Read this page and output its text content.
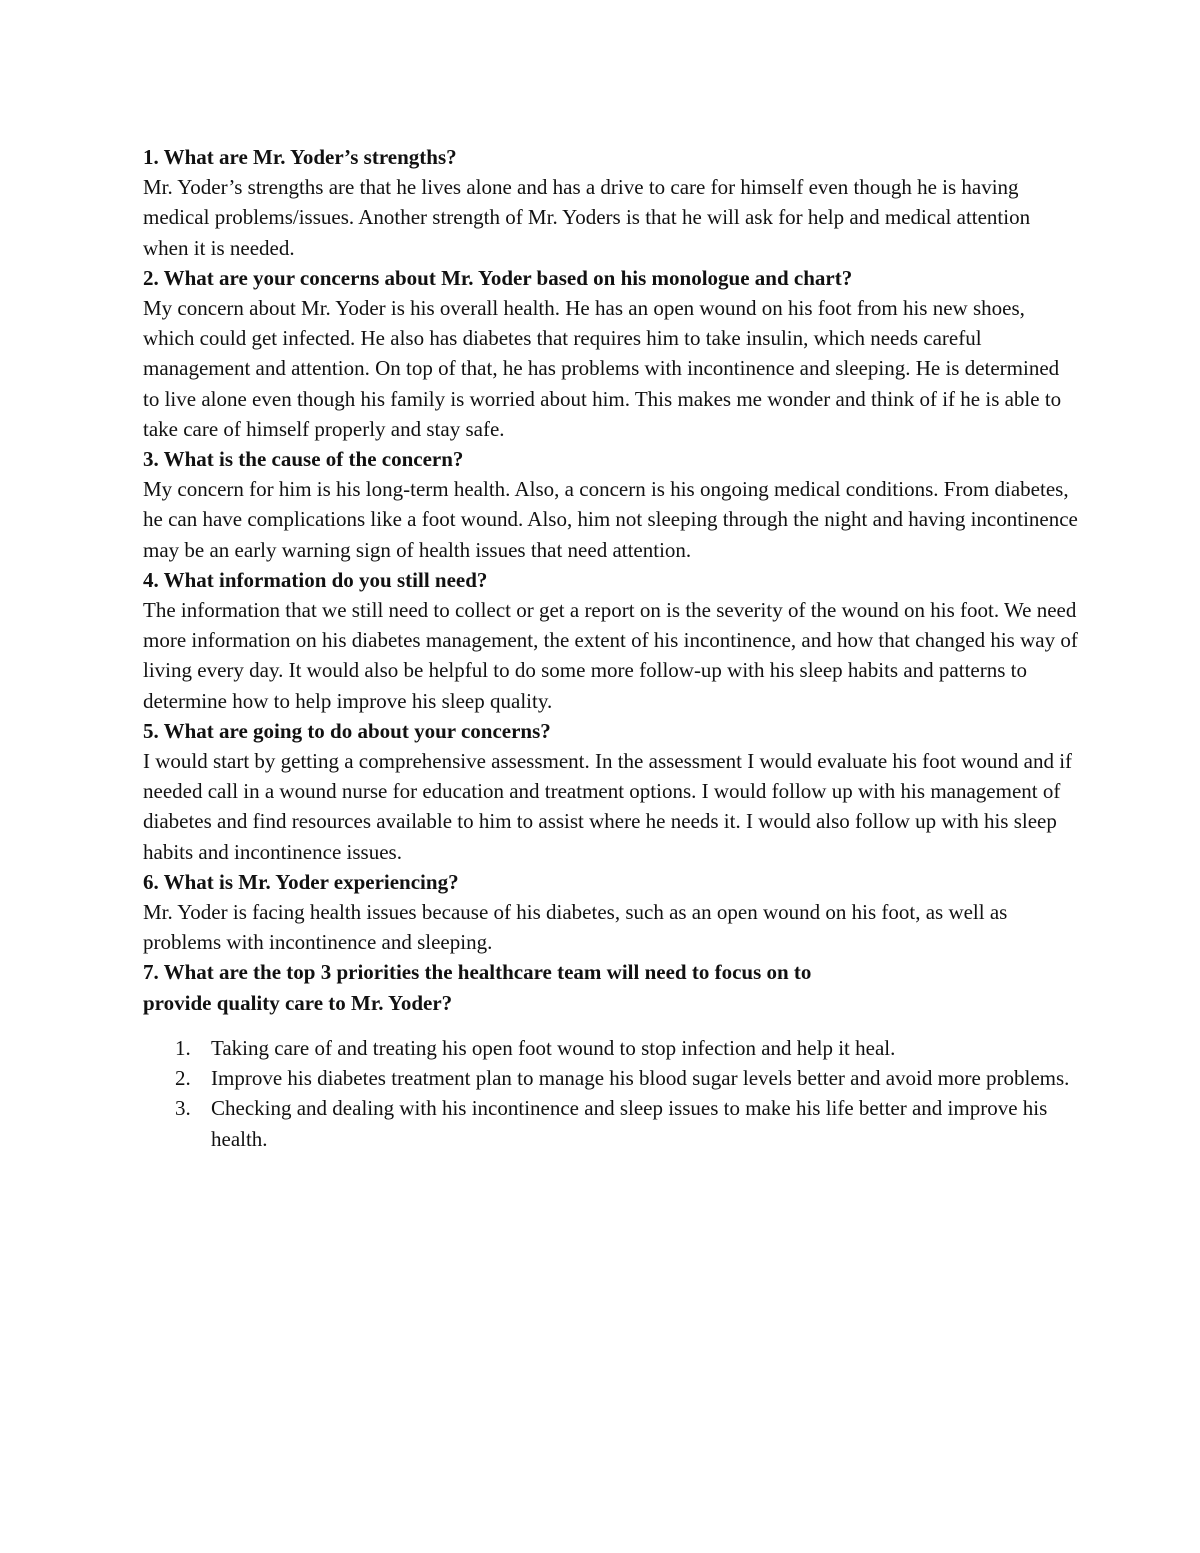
1. What are Mr. Yoder’s strengths?

Mr. Yoder’s strengths are that he lives alone and has a drive to care for himself even though he is having medical problems/issues. Another strength of Mr. Yoders is that he will ask for help and medical attention when it is needed.

2. What are your concerns about Mr. Yoder based on his monologue and chart?

My concern about Mr. Yoder is his overall health. He has an open wound on his foot from his new shoes, which could get infected. He also has diabetes that requires him to take insulin, which needs careful management and attention. On top of that, he has problems with incontinence and sleeping. He is determined to live alone even though his family is worried about him. This makes me wonder and think of if he is able to take care of himself properly and stay safe.

3. What is the cause of the concern?

My concern for him is his long-term health. Also, a concern is his ongoing medical conditions. From diabetes, he can have complications like a foot wound. Also, him not sleeping through the night and having incontinence may be an early warning sign of health issues that need attention.

4. What information do you still need?

The information that we still need to collect or get a report on is the severity of the wound on his foot. We need more information on his diabetes management, the extent of his incontinence, and how that changed his way of living every day. It would also be helpful to do some more follow-up with his sleep habits and patterns to determine how to help improve his sleep quality.

5. What are going to do about your concerns?

I would start by getting a comprehensive assessment. In the assessment I would evaluate his foot wound and if needed call in a wound nurse for education and treatment options. I would follow up with his management of diabetes and find resources available to him to assist where he needs it. I would also follow up with his sleep habits and incontinence issues.

6. What is Mr. Yoder experiencing?

Mr. Yoder is facing health issues because of his diabetes, such as an open wound on his foot, as well as problems with incontinence and sleeping.

7. What are the top 3 priorities the healthcare team will need to focus on to

provide quality care to Mr. Yoder?

1. Taking care of and treating his open foot wound to stop infection and help it heal.
2. Improve his diabetes treatment plan to manage his blood sugar levels better and avoid more problems.
3. Checking and dealing with his incontinence and sleep issues to make his life better and improve his health.
